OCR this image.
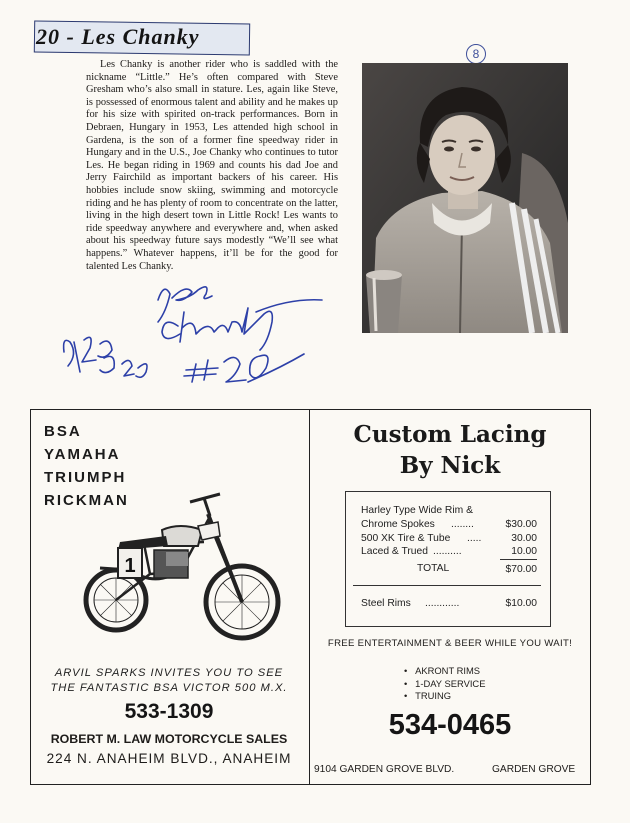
20 - Les Chanky
8

Les Chanky is another rider who is saddled with the nickname “Little.” He’s often compared with Steve Gresham who’s also small in stature. Les, again like Steve, is possessed of enormous talent and ability and he makes up for his size with spirited on-track performances. Born in Debraen, Hungary in 1953, Les attended high school in Gardena, is the son of a former fine speedway rider in Hungary and in the U.S., Joe Chanky who continues to tutor Les. He began riding in 1969 and counts his dad Joe and Jerry Fairchild as important backers of his career. His hobbies include snow skiing, swimming and motorcycle riding and he has plenty of room to concentrate on the latter, living in the high desert town in Little Rock! Les wants to ride speedway anywhere and everywhere and, when asked about his speedway future says modestly “We’ll see what happens.” Whatever happens, it’ll be for the good for talented Les Chanky.

BSA
YAMAHA
TRIUMPH
RICKMAN
1
ARVIL SPARKS INVITES YOU TO SEE
THE FANTASTIC BSA VICTOR 500 M.X.
533-1309
ROBERT M. LAW MOTORCYCLE SALES
224 N. ANAHEIM BLVD., ANAHEIM
Custom Lacing
By Nick
Harley Type Wide Rim &
Chrome Spokes ........	$30.00
500 XK Tire & Tube .....	30.00
Laced & Trued ..........	10.00
TOTAL	$70.00
Steel Rims ............	$10.00
FREE ENTERTAINMENT & BEER WHILE YOU WAIT!
•   AKRONT RIMS
•   1-DAY SERVICE
•   TRUING
534-0465
9104 GARDEN GROVE BLVD.	GARDEN GROVE
